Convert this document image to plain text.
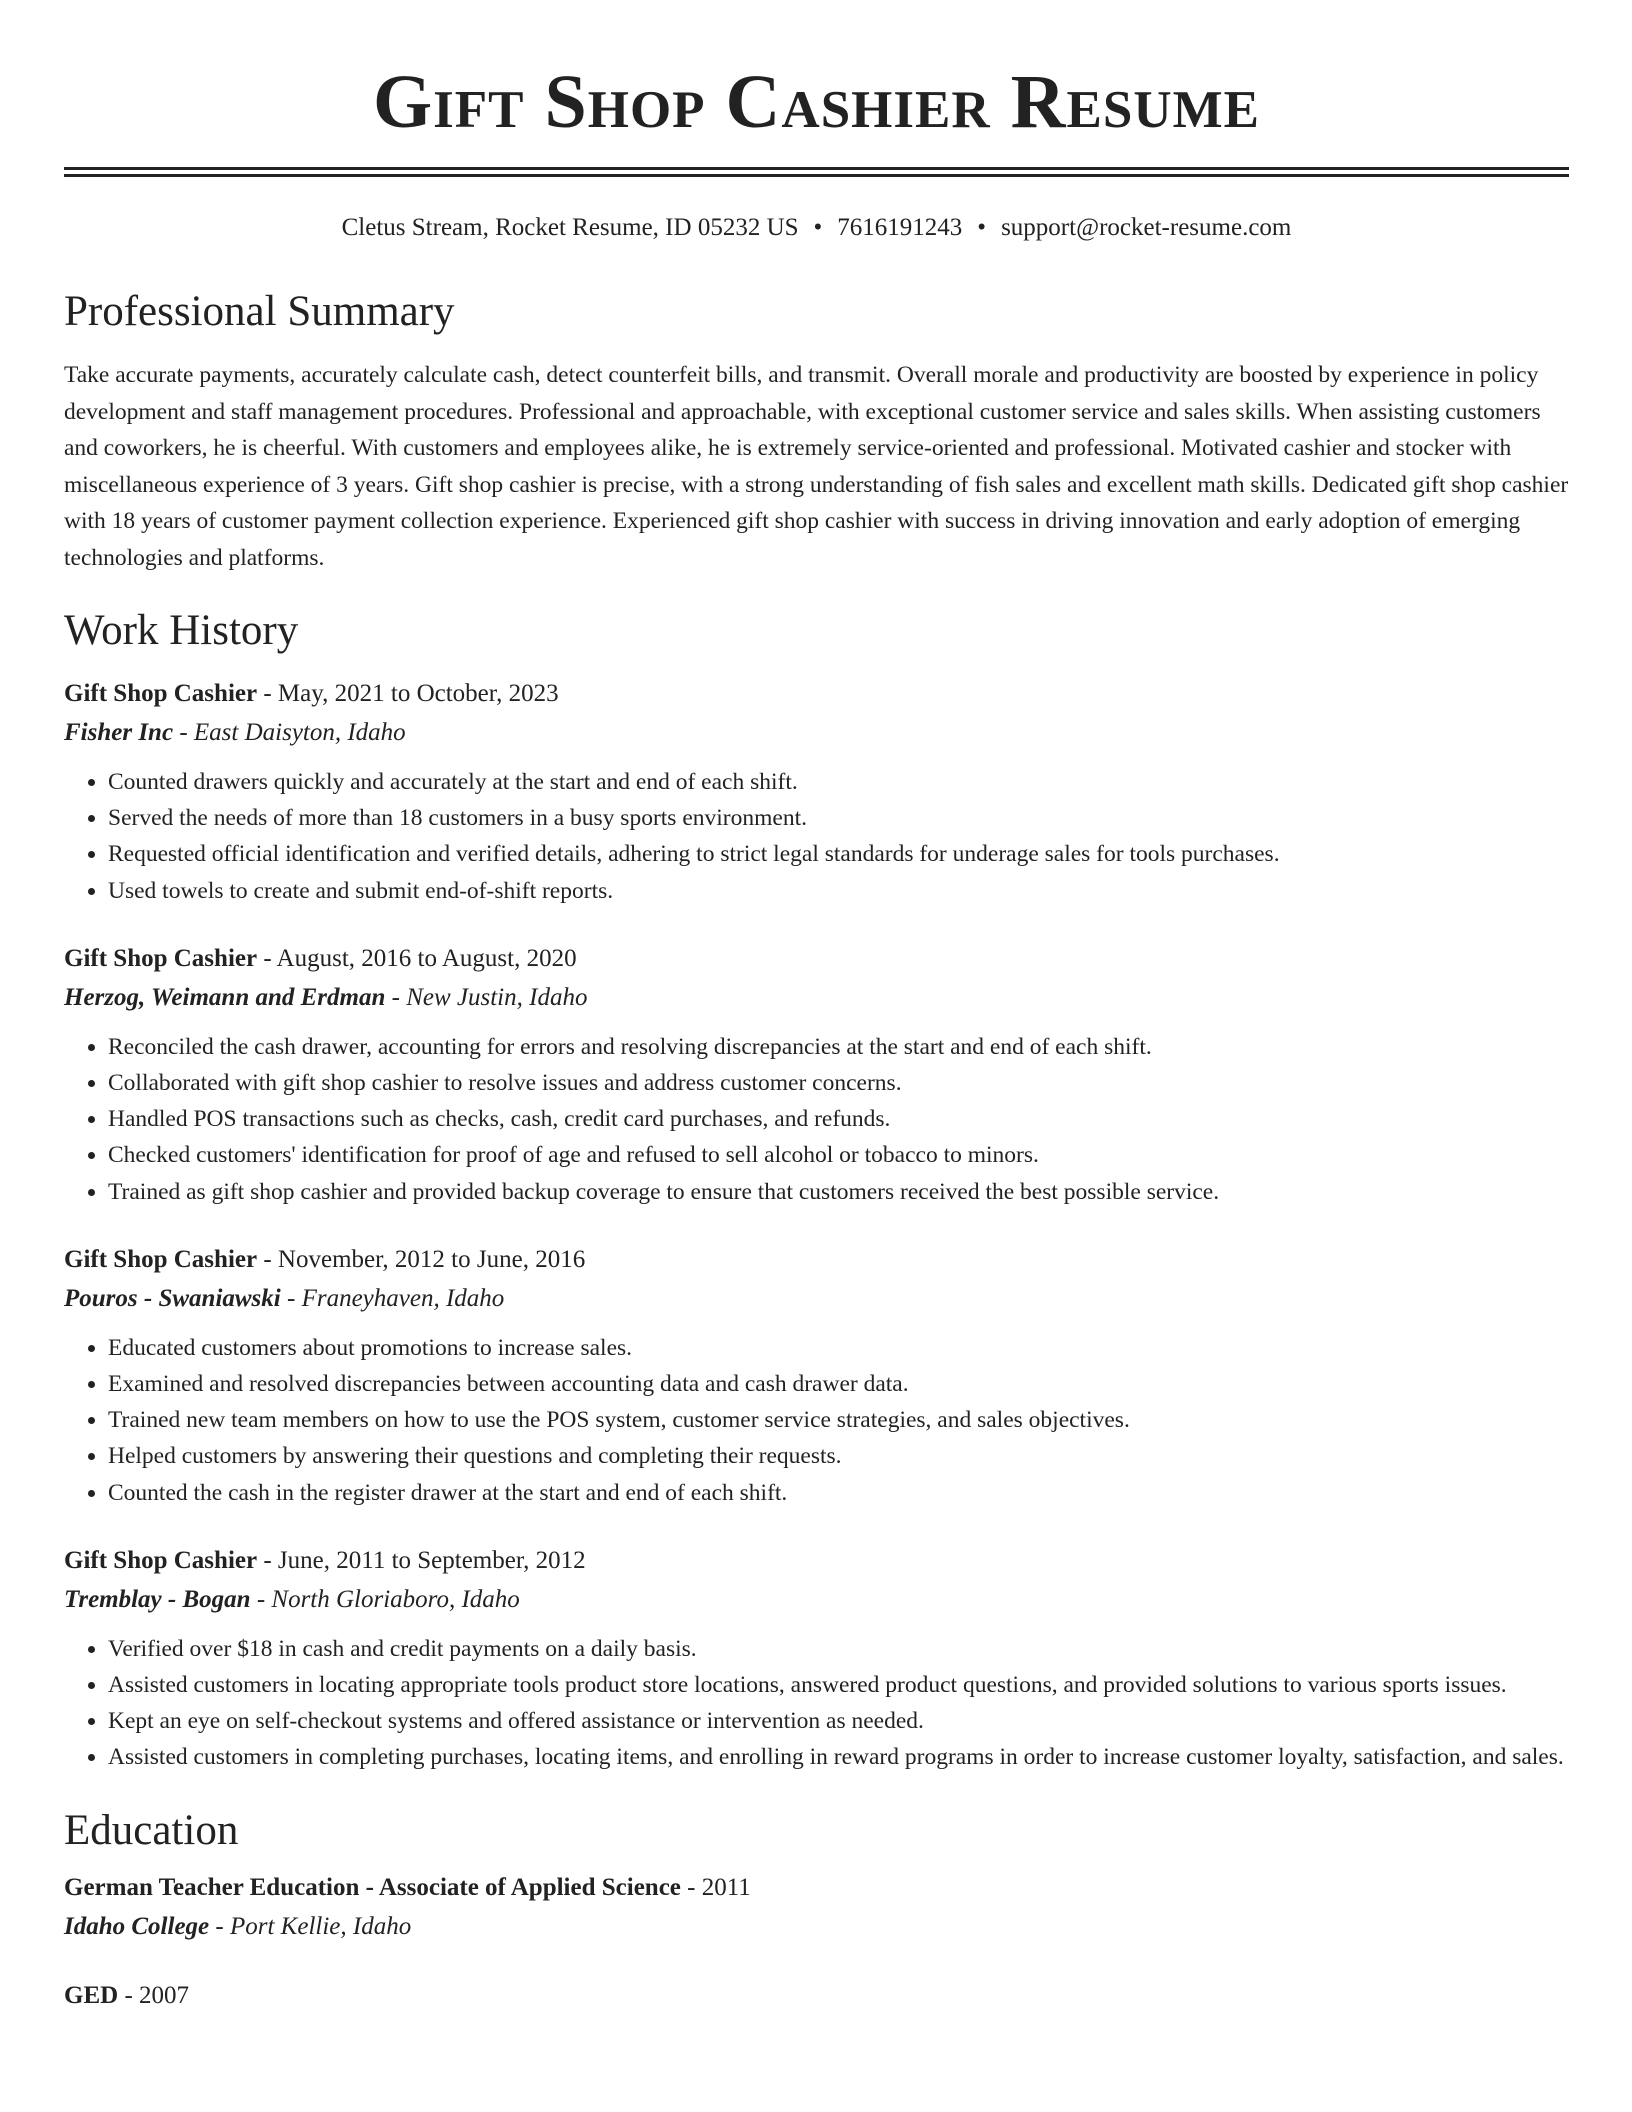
Gift Shop Cashier Resume
Cletus Stream, Rocket Resume, ID 05232 US • 7616191243 • support@rocket-resume.com
Professional Summary

Take accurate payments, accurately calculate cash, detect counterfeit bills, and transmit. Overall morale and productivity are boosted by experience in policy development and staff management procedures. Professional and approachable, with exceptional customer service and sales skills. When assisting customers and coworkers, he is cheerful. With customers and employees alike, he is extremely service-oriented and professional. Motivated cashier and stocker with miscellaneous experience of 3 years. Gift shop cashier is precise, with a strong understanding of fish sales and excellent math skills. Dedicated gift shop cashier with 18 years of customer payment collection experience. Experienced gift shop cashier with success in driving innovation and early adoption of emerging technologies and platforms.

Work History
Gift Shop Cashier - May, 2021 to October, 2023
Fisher Inc - East Daisyton, Idaho
• Counted drawers quickly and accurately at the start and end of each shift.
• Served the needs of more than 18 customers in a busy sports environment.
• Requested official identification and verified details, adhering to strict legal standards for underage sales for tools purchases.
• Used towels to create and submit end-of-shift reports.
Gift Shop Cashier - August, 2016 to August, 2020
Herzog, Weimann and Erdman - New Justin, Idaho
• Reconciled the cash drawer, accounting for errors and resolving discrepancies at the start and end of each shift.
• Collaborated with gift shop cashier to resolve issues and address customer concerns.
• Handled POS transactions such as checks, cash, credit card purchases, and refunds.
• Checked customers' identification for proof of age and refused to sell alcohol or tobacco to minors.
• Trained as gift shop cashier and provided backup coverage to ensure that customers received the best possible service.
Gift Shop Cashier - November, 2012 to June, 2016
Pouros - Swaniawski - Franeyhaven, Idaho
• Educated customers about promotions to increase sales.
• Examined and resolved discrepancies between accounting data and cash drawer data.
• Trained new team members on how to use the POS system, customer service strategies, and sales objectives.
• Helped customers by answering their questions and completing their requests.
• Counted the cash in the register drawer at the start and end of each shift.
Gift Shop Cashier - June, 2011 to September, 2012
Tremblay - Bogan - North Gloriaboro, Idaho
• Verified over $18 in cash and credit payments on a daily basis.
• Assisted customers in locating appropriate tools product store locations, answered product questions, and provided solutions to various sports issues.
• Kept an eye on self-checkout systems and offered assistance or intervention as needed.
• Assisted customers in completing purchases, locating items, and enrolling in reward programs in order to increase customer loyalty, satisfaction, and sales.
Education
German Teacher Education - Associate of Applied Science - 2011
Idaho College - Port Kellie, Idaho
GED - 2007
